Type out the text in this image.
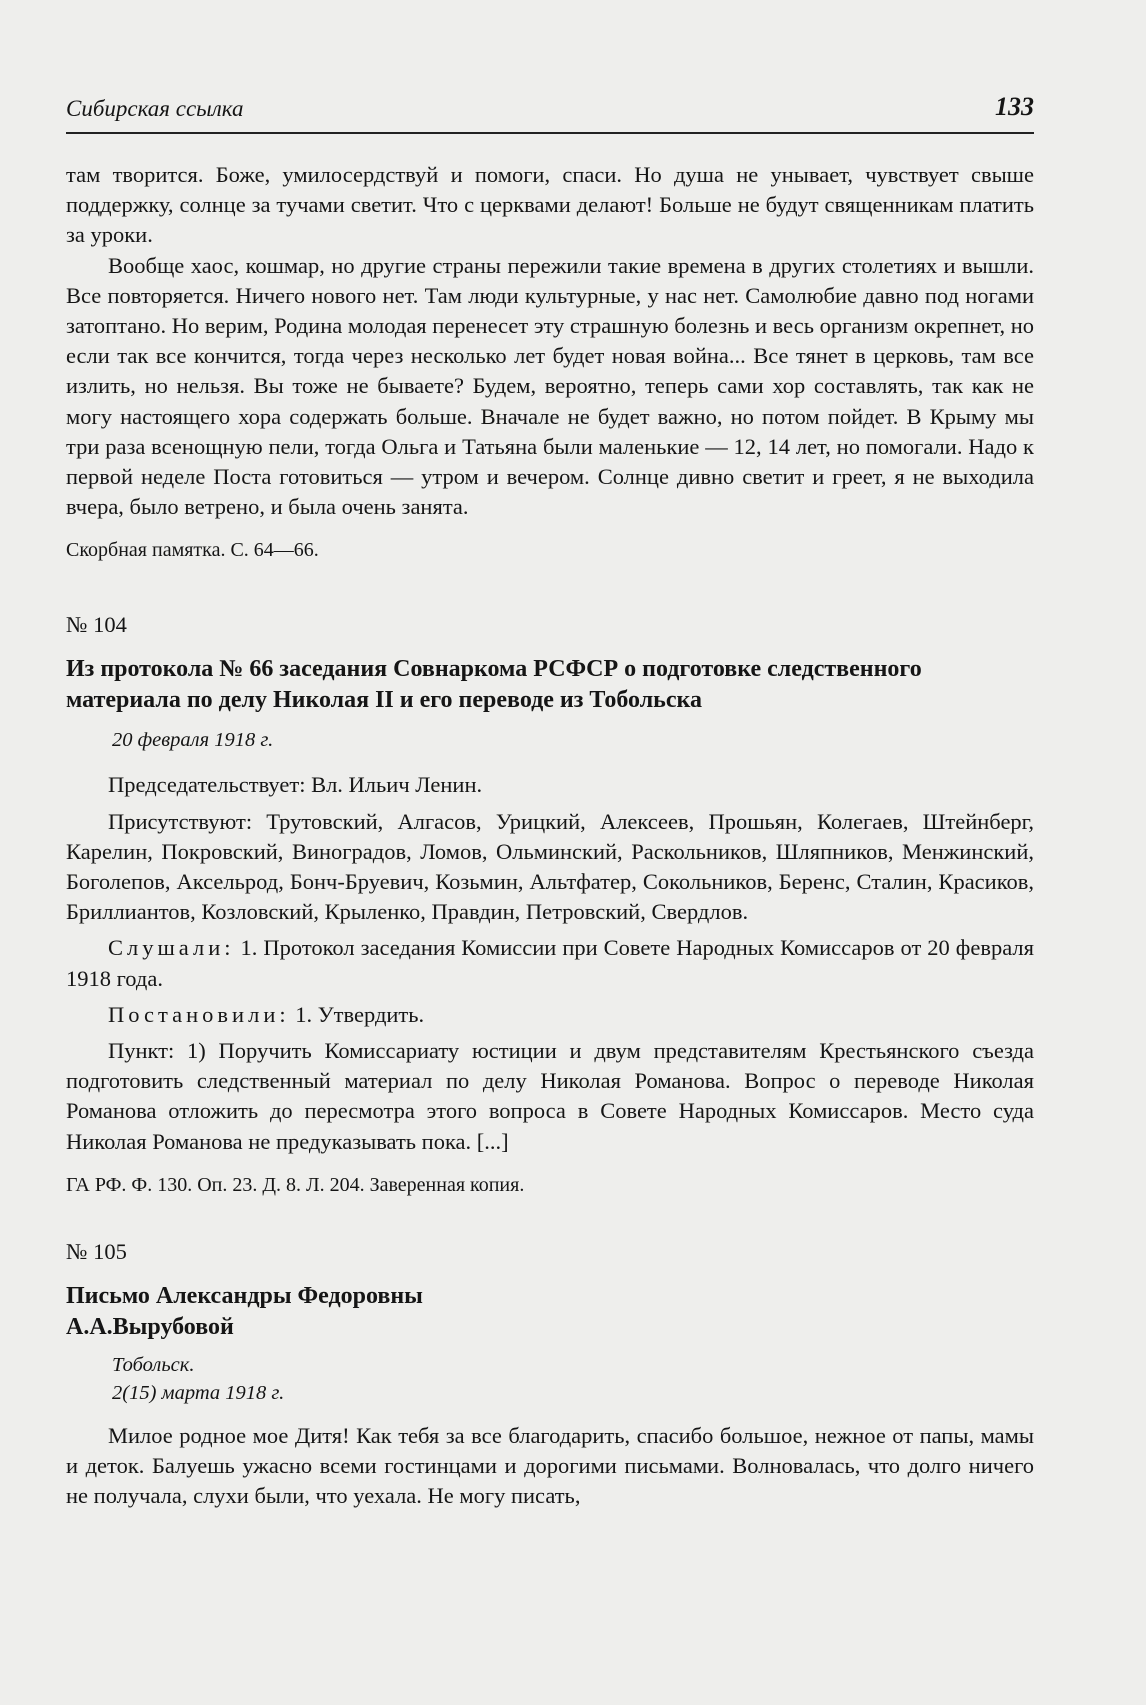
Сибирская ссылка	133

там творится. Боже, умилосердствуй и помоги, спаси. Но душа не унывает, чувствует свыше поддержку, солнце за тучами светит. Что с церквами делают! Больше не будут священникам платить за уроки.

Вообще хаос, кошмар, но другие страны пережили такие времена в других столетиях и вышли. Все повторяется. Ничего нового нет. Там люди культурные, у нас нет. Самолюбие давно под ногами затоптано. Но верим, Родина молодая перенесет эту страшную болезнь и весь организм окрепнет, но если так все кончится, тогда через несколько лет будет новая война... Все тянет в церковь, там все излить, но нельзя. Вы тоже не бываете? Будем, вероятно, теперь сами хор составлять, так как не могу настоящего хора содержать больше. Вначале не будет важно, но потом пойдет. В Крыму мы три раза всенощную пели, тогда Ольга и Татьяна были маленькие — 12, 14 лет, но помогали. Надо к первой неделе Поста готовиться — утром и вечером. Солнце дивно светит и греет, я не выходила вчера, было ветрено, и была очень занята.

Скорбная памятка. С. 64—66.

№ 104

Из протокола № 66 заседания Совнаркома РСФСР о подготовке следственного материала по делу Николая II и его переводе из Тобольска

20 февраля 1918 г.

Председательствует: Вл. Ильич Ленин.

Присутствуют: Трутовский, Алгасов, Урицкий, Алексеев, Прошьян, Колегаев, Штейнберг, Карелин, Покровский, Виноградов, Ломов, Ольминский, Раскольников, Шляпников, Менжинский, Боголепов, Аксельрод, Бонч-Бруевич, Козьмин, Альтфатер, Сокольников, Беренс, Сталин, Красиков, Бриллиантов, Козловский, Крыленко, Правдин, Петровский, Свердлов.

Слушали: 1. Протокол заседания Комиссии при Совете Народных Комиссаров от 20 февраля 1918 года.

Постановили: 1. Утвердить.

Пункт: 1) Поручить Комиссариату юстиции и двум представителям Крестьянского съезда подготовить следственный материал по делу Николая Романова. Вопрос о переводе Николая Романова отложить до пересмотра этого вопроса в Совете Народных Комиссаров. Место суда Николая Романова не предуказывать пока. [...]

ГА РФ. Ф. 130. Оп. 23. Д. 8. Л. 204. Заверенная копия.

№ 105

Письмо Александры Федоровны

А.А.Вырубовой

Тобольск.

2(15) марта 1918 г.

Милое родное мое Дитя! Как тебя за все благодарить, спасибо большое, нежное от папы, мамы и деток. Балуешь ужасно всеми гостинцами и дорогими письмами. Волновалась, что долго ничего не получала, слухи были, что уехала. Не могу писать,
